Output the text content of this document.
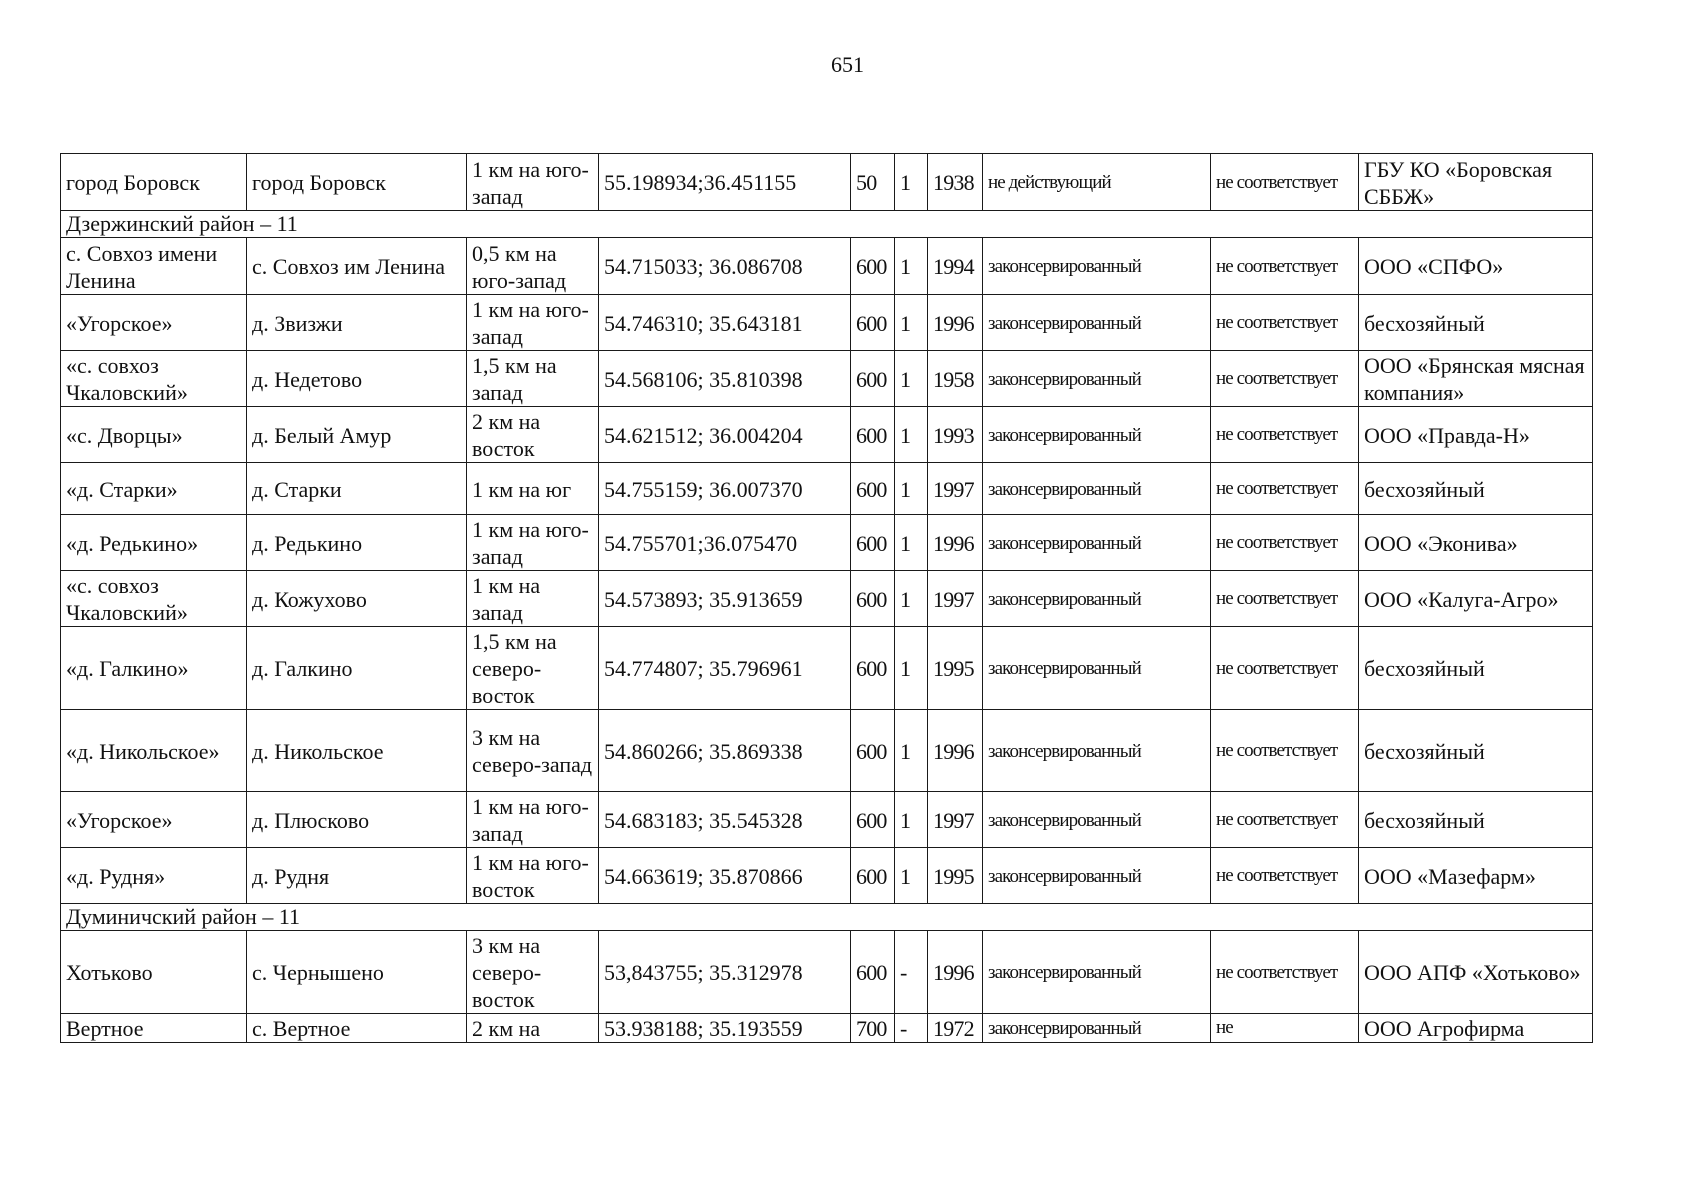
651
город Боровск	город Боровск	1 км на юго-запад	55.198934;36.451155	50	1	1938	не действующий	не соответствует	ГБУ КО «Боровская СББЖ»
Дзержинский район – 11									
с. Совхоз имени Ленина	с. Совхоз им Ленина	0,5 км на юго-запад	54.715033; 36.086708	600	1	1994	законсервированный	не соответствует	ООО «СПФО»
«Угорское»	д. Звизжи	1 км на юго-запад	54.746310; 35.643181	600	1	1996	законсервированный	не соответствует	бесхозяйный
«с. совхоз Чкаловский»	д. Недетово	1,5 км на запад	54.568106; 35.810398	600	1	1958	законсервированный	не соответствует	ООО «Брянская мясная компания»
«с. Дворцы»	д. Белый Амур	2 км на восток	54.621512; 36.004204	600	1	1993	законсервированный	не соответствует	ООО «Правда-Н»
«д. Старки»	д. Старки	1 км на юг	54.755159; 36.007370	600	1	1997	законсервированный	не соответствует	бесхозяйный
«д. Редькино»	д. Редькино	1 км на юго-запад	54.755701;36.075470	600	1	1996	законсервированный	не соответствует	ООО «Эконива»
«с. совхоз Чкаловский»	д. Кожухово	1 км на запад	54.573893; 35.913659	600	1	1997	законсервированный	не соответствует	ООО «Калуга-Агро»
«д. Галкино»	д. Галкино	1,5 км на северо-восток	54.774807; 35.796961	600	1	1995	законсервированный	не соответствует	бесхозяйный
«д. Никольское»	д. Никольское	3 км на северо-запад	54.860266; 35.869338	600	1	1996	законсервированный	не соответствует	бесхозяйный
«Угорское»	д. Плюсково	1 км на юго-запад	54.683183; 35.545328	600	1	1997	законсервированный	не соответствует	бесхозяйный
«д. Рудня»	д. Рудня	1 км на юго-восток	54.663619; 35.870866	600	1	1995	законсервированный	не соответствует	ООО «Мазефарм»
Думиничский район – 11									
Хотьково	с. Чернышено	3 км на северо-восток	53,843755; 35.312978	600	-	1996	законсервированный	не соответствует	ООО АПФ «Хотьково»
Вертное	с. Вертное	2 км на	53.938188; 35.193559	700	-	1972	законсервированный	не	ООО Агрофирма
